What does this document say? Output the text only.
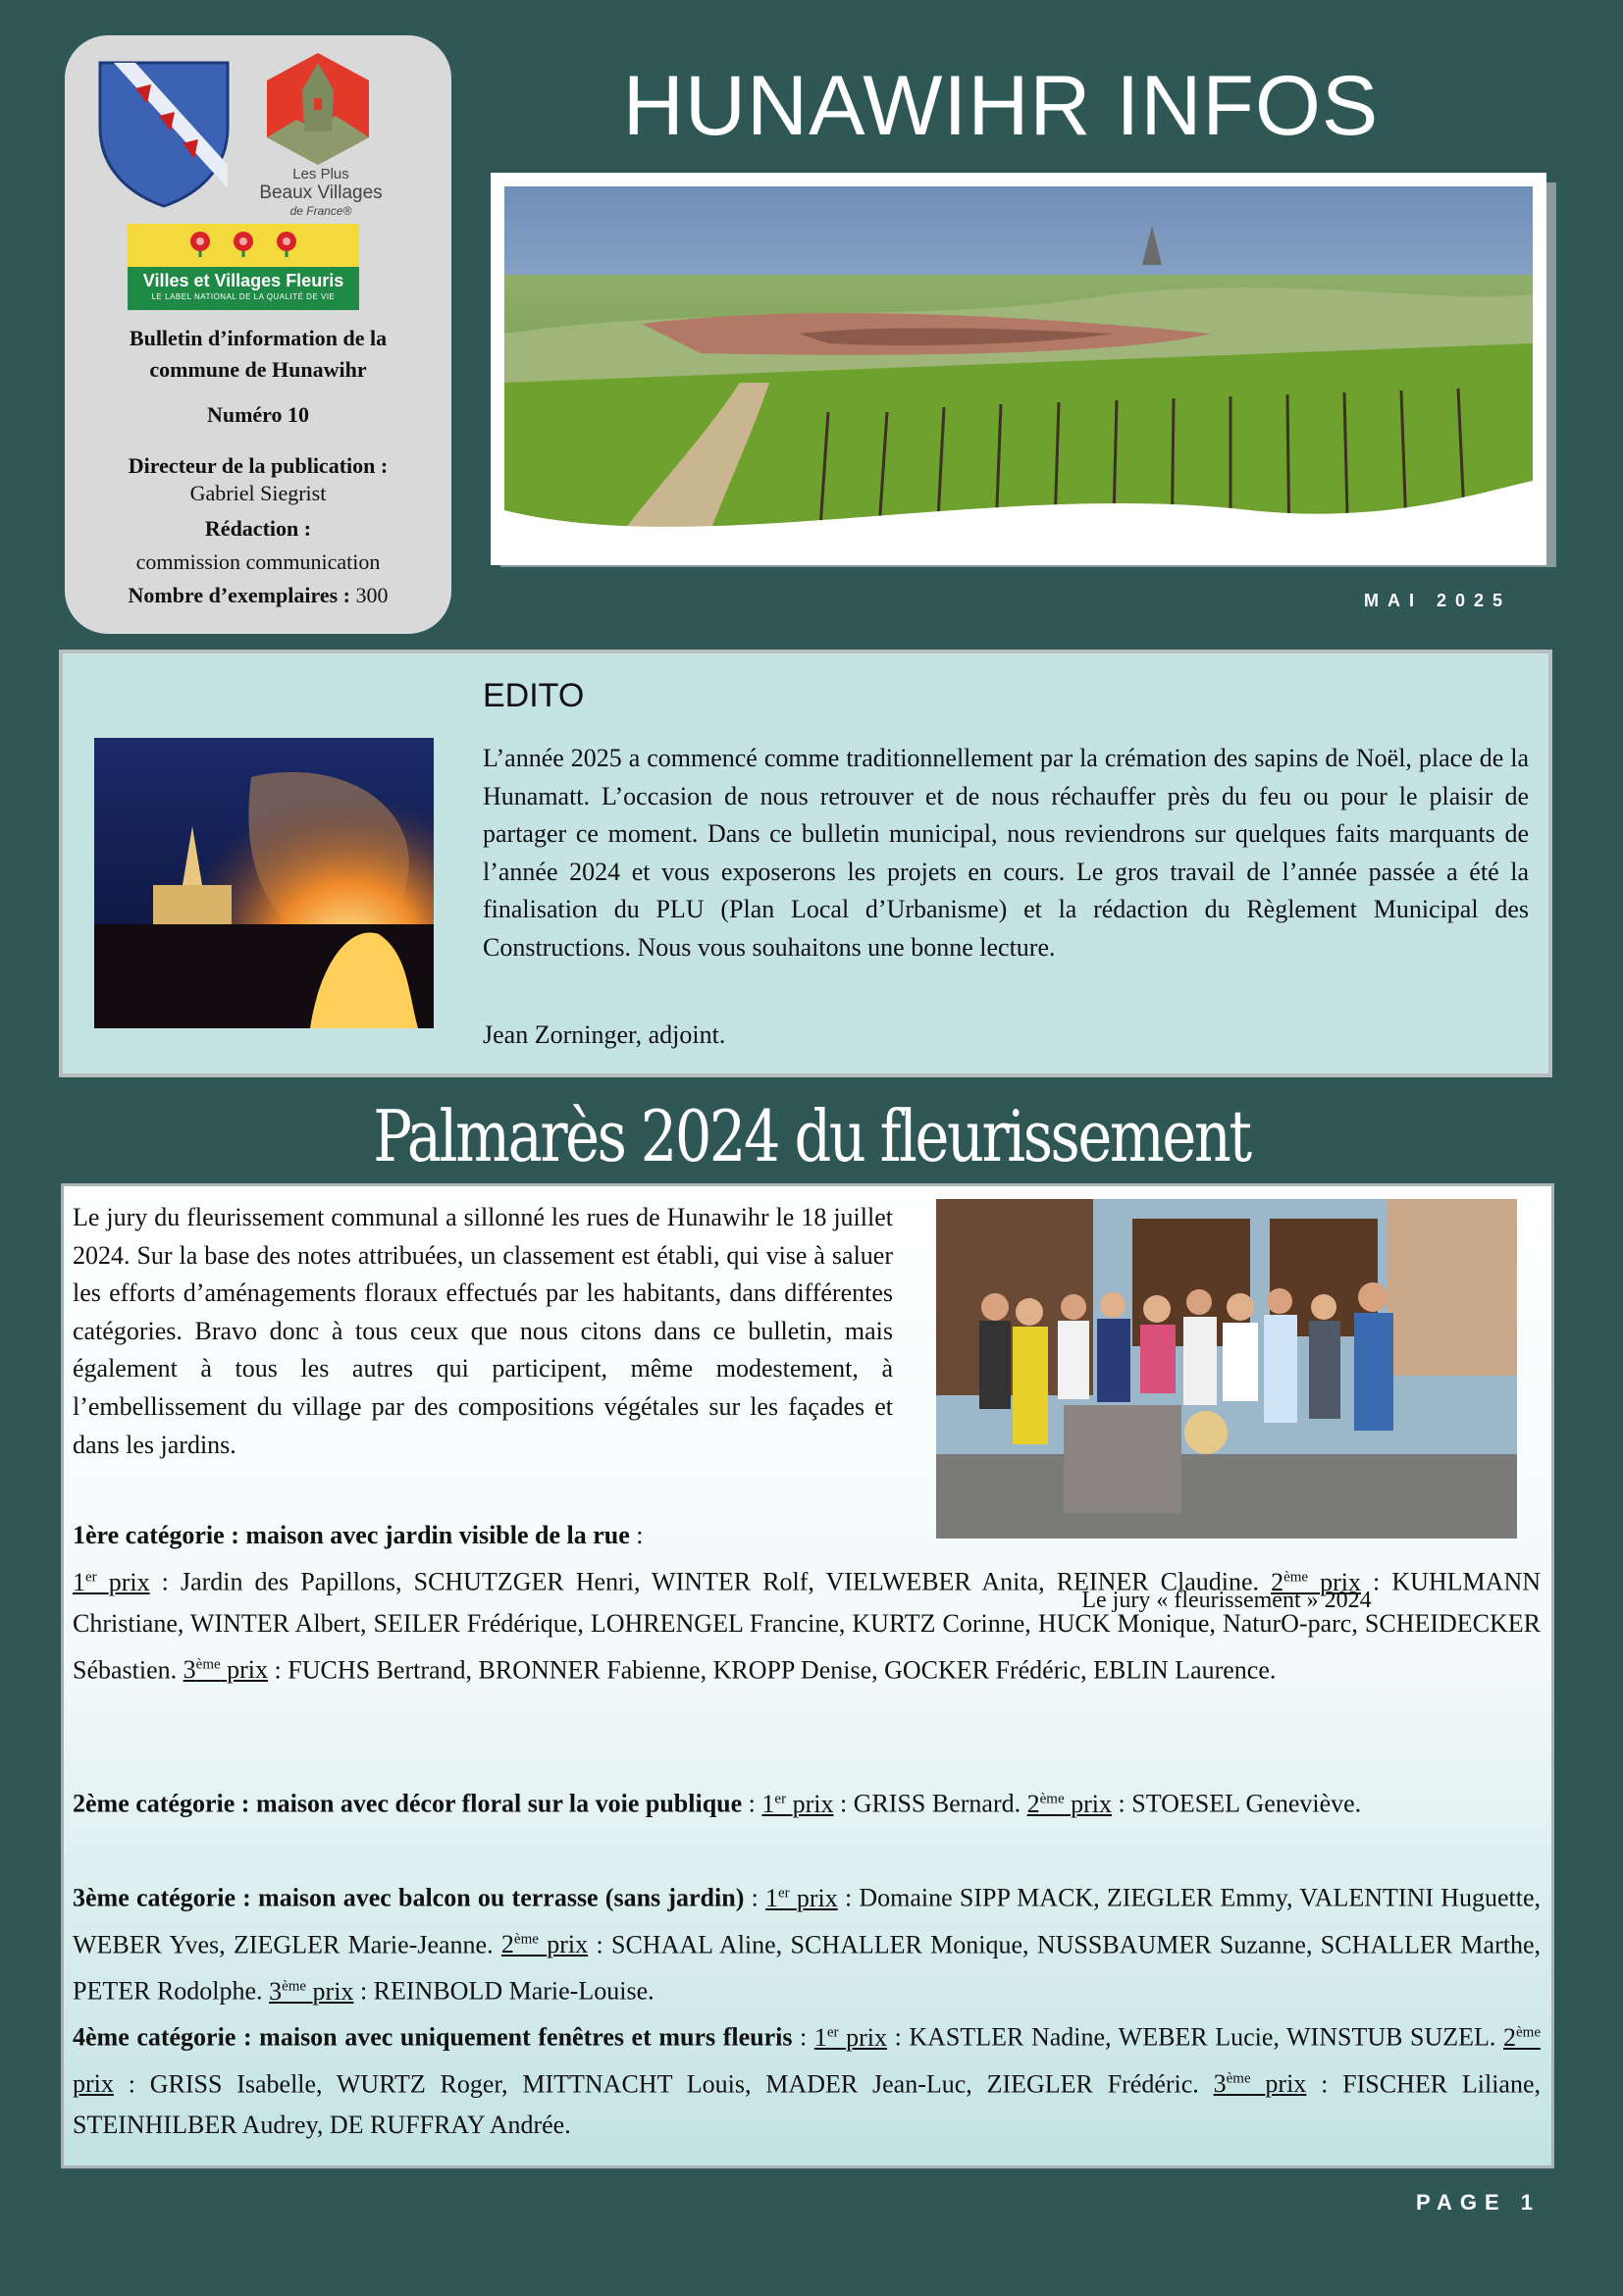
Les Plus
Beaux Villages
de France®
Villes et Villages Fleuris
LE LABEL NATIONAL DE LA QUALITÉ DE VIE
Bulletin d’information de la
commune de Hunawihr
Numéro 10
Directeur de la publication :
Gabriel Siegrist
Rédaction :
commission communication
Nombre d’exemplaires : 300
HUNAWIHR INFOS
MAI 2025
EDITO

L’année 2025 a commencé comme traditionnellement par la crémation des sapins de Noël, place de la Hunamatt. L’occasion de nous retrouver et de nous réchauffer près du feu ou pour le plaisir de partager ce moment. Dans ce bulletin municipal, nous reviendrons sur quelques faits marquants de l’année 2024 et vous exposerons les projets en cours. Le gros travail de l’année passée a été la finalisation du PLU (Plan Local d’Urbanisme) et la rédaction du Règlement Municipal des Constructions. Nous vous souhaitons une bonne lecture.

Jean Zorninger, adjoint.
Palmarès 2024 du fleurissement
Le jury « fleurissement » 2024

Le jury du fleurissement communal a sillonné les rues de Hunawihr le 18 juillet 2024. Sur la base des notes attribuées, un classement est établi, qui vise à saluer les efforts d’aménagements floraux effectués par les habitants, dans différentes catégories. Bravo donc à tous ceux que nous citons dans ce bulletin, mais également à tous les autres qui participent, même modestement, à l’embellissement du village par des compositions végétales sur les façades et dans les jardins.

1ère catégorie : maison avec jardin visible de la rue :

1er prix : Jardin des Papillons, SCHUTZGER Henri, WINTER Rolf, VIELWEBER Anita, REINER Claudine. 2ème prix : KUHLMANN Christiane, WINTER Albert, SEILER Frédérique, LOHRENGEL Francine, KURTZ Corinne, HUCK Monique, NaturO-parc, SCHEIDECKER Sébastien. 3ème prix : FUCHS Bertrand, BRONNER Fabienne, KROPP Denise, GOCKER Frédéric, EBLIN Laurence.

2ème catégorie : maison avec décor floral sur la voie publique : 1er prix : GRISS Bernard. 2ème prix : STOESEL Geneviève.

3ème catégorie : maison avec balcon ou terrasse (sans jardin) : 1er prix : Domaine SIPP MACK, ZIEGLER Emmy, VALENTINI Huguette, WEBER Yves, ZIEGLER Marie-Jeanne. 2ème prix : SCHAAL Aline, SCHALLER Monique, NUSSBAUMER Suzanne, SCHALLER Marthe, PETER Rodolphe. 3ème prix : REINBOLD Marie-Louise.

4ème catégorie : maison avec uniquement fenêtres et murs fleuris : 1er prix : KASTLER Nadine, WEBER Lucie, WINSTUB SUZEL. 2ème prix : GRISS Isabelle, WURTZ Roger, MITTNACHT Louis, MADER Jean-Luc, ZIEGLER Frédéric. 3ème prix : FISCHER Liliane, STEINHILBER Audrey, DE RUFFRAY Andrée.

PAGE 1
